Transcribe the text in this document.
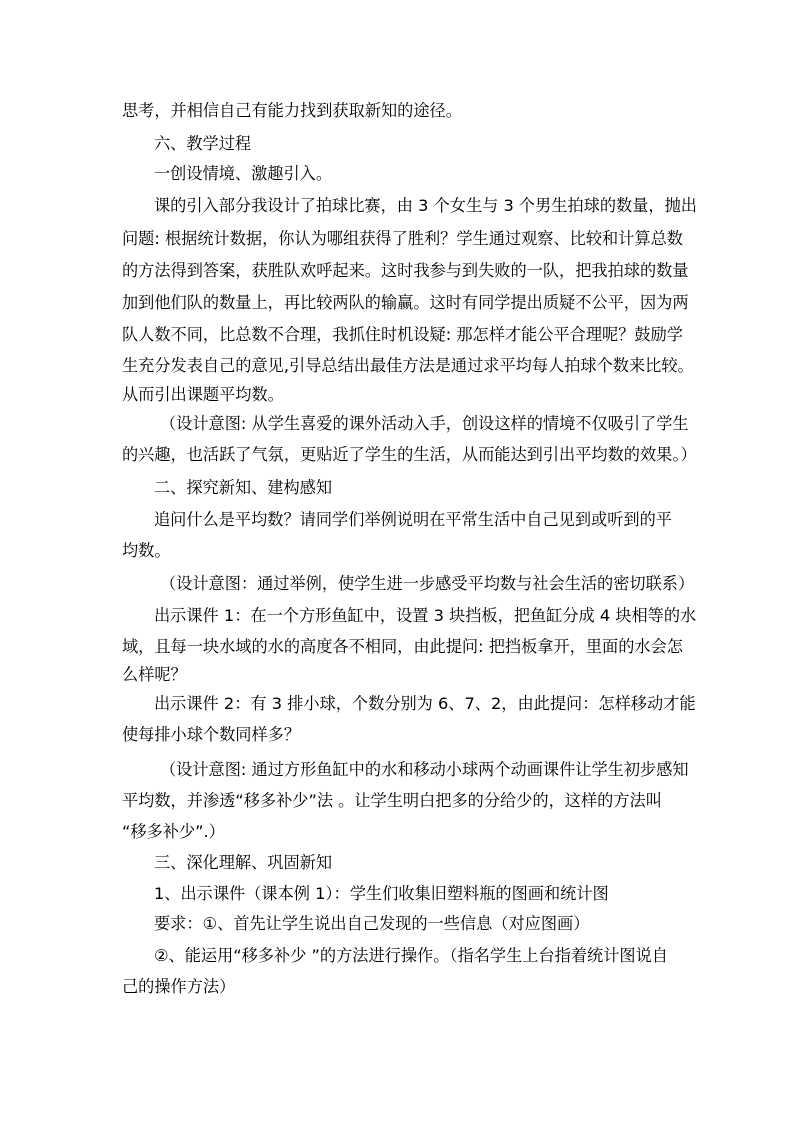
思考，并相信自己有能力找到获取新知的途径。
六、教学过程
一创设情境、激趣引入。
课的引入部分我设计了拍球比赛，由 3 个女生与 3 个男生拍球的数量，抛出
问题: 根据统计数据，你认为哪组获得了胜利？学生通过观察、比较和计算总数
的方法得到答案，获胜队欢呼起来。这时我参与到失败的一队，把我拍球的数量
加到他们队的数量上，再比较两队的输赢。这时有同学提出质疑不公平，因为两
队人数不同，比总数不合理，我抓住时机设疑: 那怎样才能公平合理呢？鼓励学
生充分发表自己的意见,引导总结出最佳方法是通过求平均每人拍球个数来比较。
从而引出课题平均数。
（设计意图: 从学生喜爱的课外活动入手，创设这样的情境不仅吸引了学生
的兴趣，也活跃了气氛，更贴近了学生的生活，从而能达到引出平均数的效果。）
二、探究新知、建构感知
追问什么是平均数？请同学们举例说明在平常生活中自己见到或听到的平
均数。
（设计意图：通过举例，使学生进一步感受平均数与社会生活的密切联系）
出示课件 1：在一个方形鱼缸中，设置 3 块挡板，把鱼缸分成 4 块相等的水
域，且每一块水域的水的高度各不相同，由此提问: 把挡板拿开，里面的水会怎
么样呢？
出示课件 2：有 3 排小球，个数分别为 6、7、2，由此提问：怎样移动才能
使每排小球个数同样多？
（设计意图: 通过方形鱼缸中的水和移动小球两个动画课件让学生初步感知
平均数，并渗透“移多补少”法 。让学生明白把多的分给少的，这样的方法叫
“移多补少”.）
三、深化理解、巩固新知
1、出示课件（课本例 1）：学生们收集旧塑料瓶的图画和统计图
要求：①、首先让学生说出自己发现的一些信息（对应图画）
②、能运用“移多补少 ”的方法进行操作。（指名学生上台指着统计图说自
己的操作方法）
